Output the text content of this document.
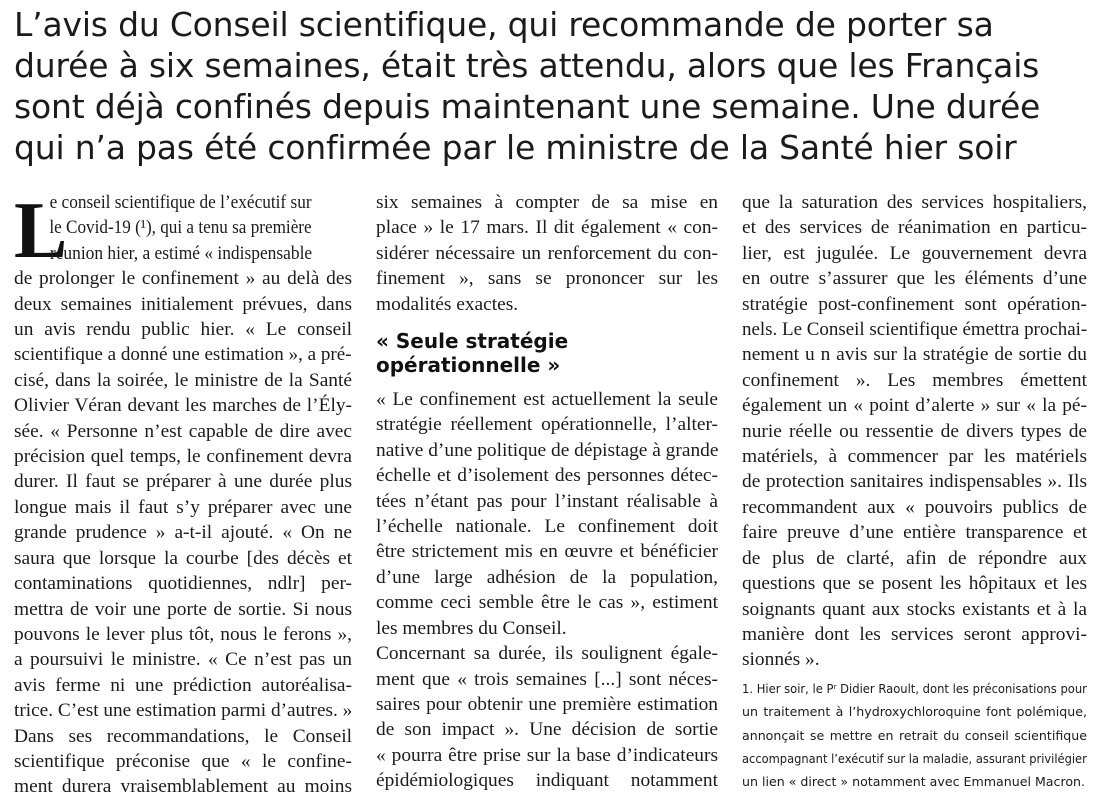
L’avis du Conseil scientifique, qui recommande de porter sa
durée à six semaines, était très attendu, alors que les Français
sont déjà confinés depuis maintenant une semaine. Une durée
qui n’a pas été confirmée par le ministre de la Santé hier soir
L

e conseil scientifique de l’exécutif sur
le Covid-19 (¹), qui a tenu sa première
réunion hier, a estimé « indispensable
de prolonger le confinement » au delà des
deux semaines initialement prévues, dans
un avis rendu public hier. « Le conseil
scientifique a donné une estimation », a pré-
cisé, dans la soirée, le ministre de la Santé
Olivier Véran devant les marches de l’Ély-
sée. « Personne n’est capable de dire avec
précision quel temps, le confinement devra
durer. Il faut se préparer à une durée plus
longue mais il faut s’y préparer avec une
grande prudence » a-t-il ajouté. « On ne
saura que lorsque la courbe [des décès et
contaminations quotidiennes, ndlr] per-
mettra de voir une porte de sortie. Si nous
pouvons le lever plus tôt, nous le ferons »,
a poursuivi le ministre. « Ce n’est pas un
avis ferme ni une prédiction autoréalisa-
trice. C’est une estimation parmi d’autres. »
Dans ses recommandations, le Conseil
scientifique préconise que « le confine-
ment durera vraisemblablement au moins

six semaines à compter de sa mise en
place » le 17 mars. Il dit également « con-
sidérer nécessaire un renforcement du con-
finement », sans se prononcer sur les
modalités exactes.

« Seule stratégie
opérationnelle »

« Le confinement est actuellement la seule
stratégie réellement opérationnelle, l’alter-
native d’une politique de dépistage à grande
échelle et d’isolement des personnes détec-
tées n’étant pas pour l’instant réalisable à
l’échelle nationale. Le confinement doit
être strictement mis en œuvre et bénéficier
d’une large adhésion de la population,
comme ceci semble être le cas », estiment
les membres du Conseil.
Concernant sa durée, ils soulignent égale-
ment que « trois semaines [...] sont néces-
saires pour obtenir une première estimation
de son impact ». Une décision de sortie
« pourra être prise sur la base d’indicateurs
épidémiologiques indiquant notamment

que la saturation des services hospitaliers,
et des services de réanimation en particu-
lier, est jugulée. Le gouvernement devra
en outre s’assurer que les éléments d’une
stratégie post-confinement sont opération-
nels. Le Conseil scientifique émettra prochai-
nement u n avis sur la stratégie de sortie du
confinement ». Les membres émettent
également un « point d’alerte » sur « la pé-
nurie réelle ou ressentie de divers types de
matériels, à commencer par les matériels
de protection sanitaires indispensables ». Ils
recommandent aux « pouvoirs publics de
faire preuve d’une entière transparence et
de plus de clarté, afin de répondre aux
questions que se posent les hôpitaux et les
soignants quant aux stocks existants et à la
manière dont les services seront approvi-
sionnés ».

1. Hier soir, le Pʳ Didier Raoult, dont les préconisations pour
un traitement à l’hydroxychloroquine font polémique,
annonçait se mettre en retrait du conseil scientifique
accompagnant l’exécutif sur la maladie, assurant privilégier
un lien « direct » notamment avec Emmanuel Macron.
